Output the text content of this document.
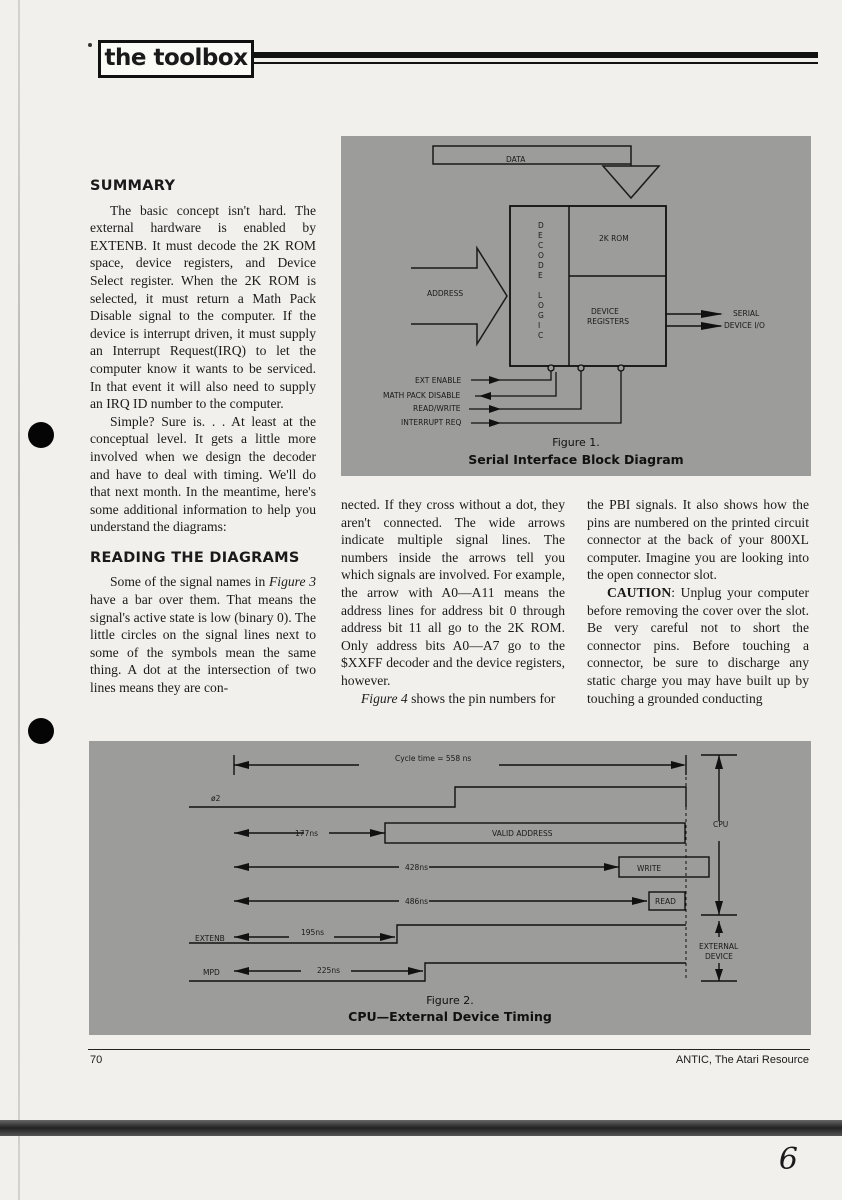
the toolbox
DATA
ADDRESS
D
E
C
O
D
E
L
O
G
I
C
2K ROM
DEVICE
REGISTERS
SERIAL
DEVICE I/O
EXT ENABLE
MATH PACK DISABLE
READ/WRITE
INTERRUPT REQ
Figure 1.
Serial Interface Block Diagram
SUMMARY

The basic concept isn't hard. The external hardware is enabled by EXTENB. It must decode the 2K ROM space, device registers, and Device Select register. When the 2K ROM is selected, it must return a Math Pack Disable signal to the computer. If the device is interrupt driven, it must supply an Interrupt Request(IRQ) to let the computer know it wants to be serviced. In that event it will also need to supply an IRQ ID number to the computer.

Simple? Sure is. . . At least at the conceptual level. It gets a little more involved when we design the decoder and have to deal with timing. We'll do that next month. In the meantime, here's some additional information to help you understand the diagrams:

READING THE DIAGRAMS

Some of the signal names in Figure 3 have a bar over them. That means the signal's active state is low (binary 0). The little circles on the signal lines next to some of the symbols mean the same thing. A dot at the intersection of two lines means they are con-

nected. If they cross without a dot, they aren't connected. The wide arrows indicate multiple signal lines. The numbers inside the arrows tell you which signals are involved. For example, the arrow with A0—A11 means the address lines for address bit 0 through address bit 11 all go to the 2K ROM. Only address bits A0—A7 go to the $XXFF decoder and the device registers, however.

Figure 4 shows the pin numbers for

the PBI signals. It also shows how the pins are numbered on the printed circuit connector at the back of your 800XL computer. Imagine you are looking into the open connector slot.

CAUTION: Unplug your computer before removing the cover over the slot. Be very careful not to short the connector pins. Before touching a connector, be sure to discharge any static charge you may have built up by touching a grounded conducting

Cycle time = 558 ns
ø2
177ns	VALID ADDRESS
428ns	WRITE
486ns	READ
CPU
EXTENB
195ns
MPD	225ns
EXTERNAL
DEVICE
Figure 2.
CPU—External Device Timing
70	ANTIC, The Atari Resource
6
